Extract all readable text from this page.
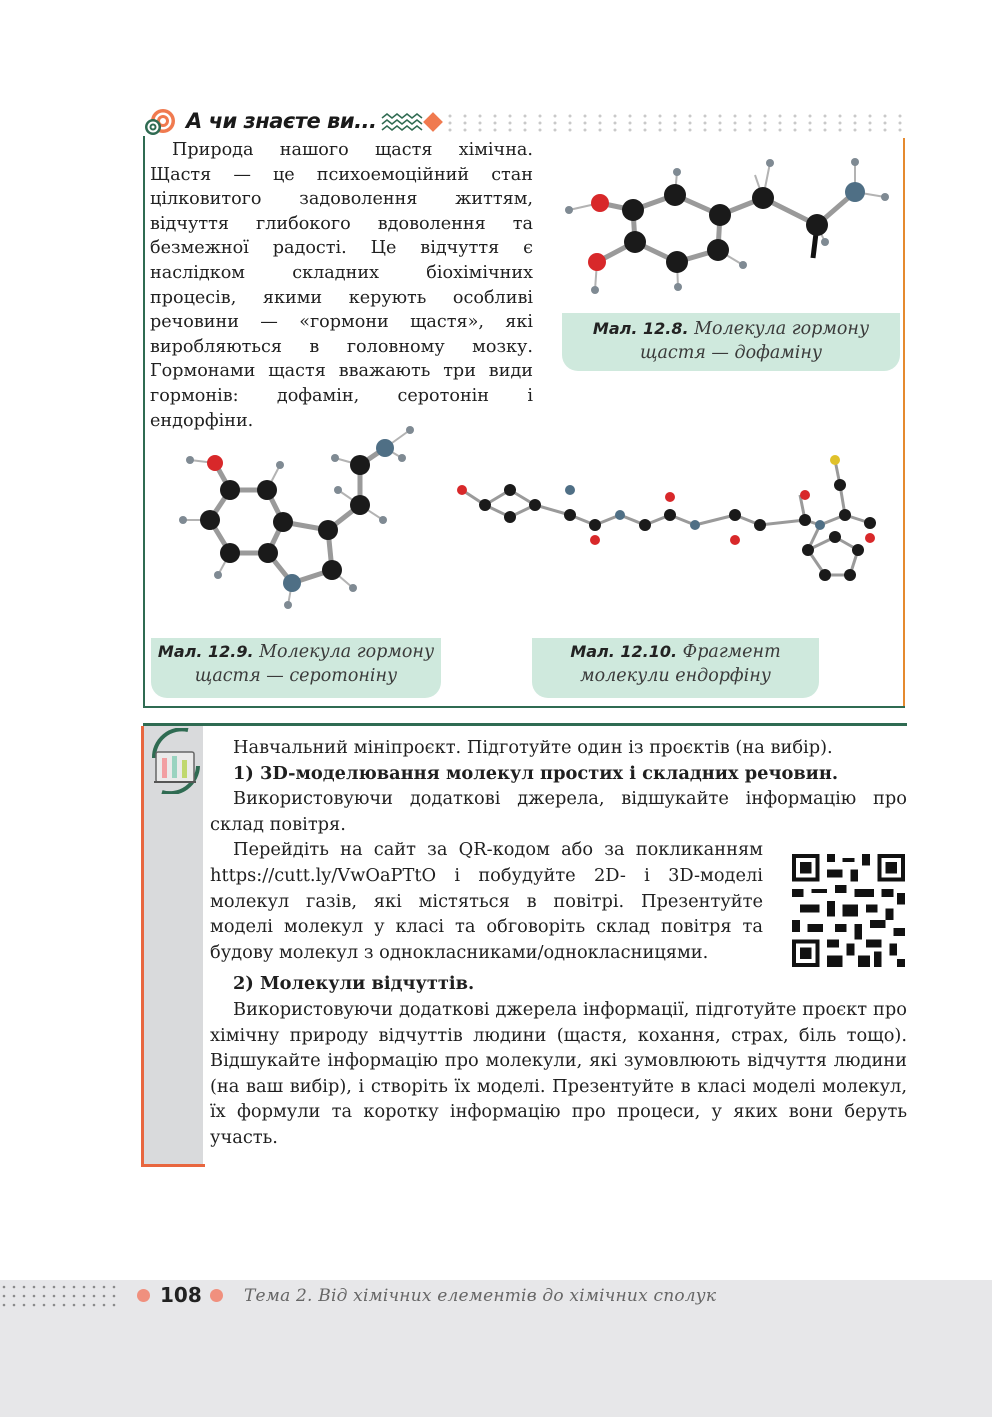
А чи знаєте ви...

Природа нашого щастя хімічна. Щастя — це психоемоційний стан цілковитого задоволення життям, відчуття глибокого вдоволення та безмежної радості. Це відчуття є наслідком складних біохімічних процесів, якими керують особливі речовини — «гормони щастя», які виробляються в головному мозку. Гормонами щастя вважають три види гормонів: дофамін, серотонін і ендорфіни.

Мал. 12.8. Молекула гормону щастя — дофаміну
Мал. 12.9. Молекула гормону щастя — серотоніну
Мал. 12.10. Фрагмент молекули ендорфіну

Навчальний мініпроєкт. Підготуйте один із проєктів (на вибір).

1) 3D-моделювання молекул простих і складних речовин.

Використовуючи додаткові джерела, відшукайте інформацію про склад повітря.

Перейдіть на сайт за QR-кодом або за покликанням https://cutt.ly/VwOaPTtO і побудуйте 2D- і 3D-моделі молекул газів, які містяться в повітрі. Презентуйте моделі молекул у класі та обговоріть склад повітря та будову молекул з однокласниками/однокласницями.

2) Молекули відчуттів.

Використовуючи додаткові джерела інформації, підготуйте проєкт про хімічну природу відчуттів людини (щастя, кохання, страх, біль тощо). Відшукайте інформацію про молекули, які зумовлюють відчуття людини (на ваш вибір), і створіть їх моделі. Презентуйте в класі моделі молекул, їх формули та коротку інформацію про процеси, у яких вони беруть участь.

108 Тема 2. Від хімічних елементів до хімічних сполук
